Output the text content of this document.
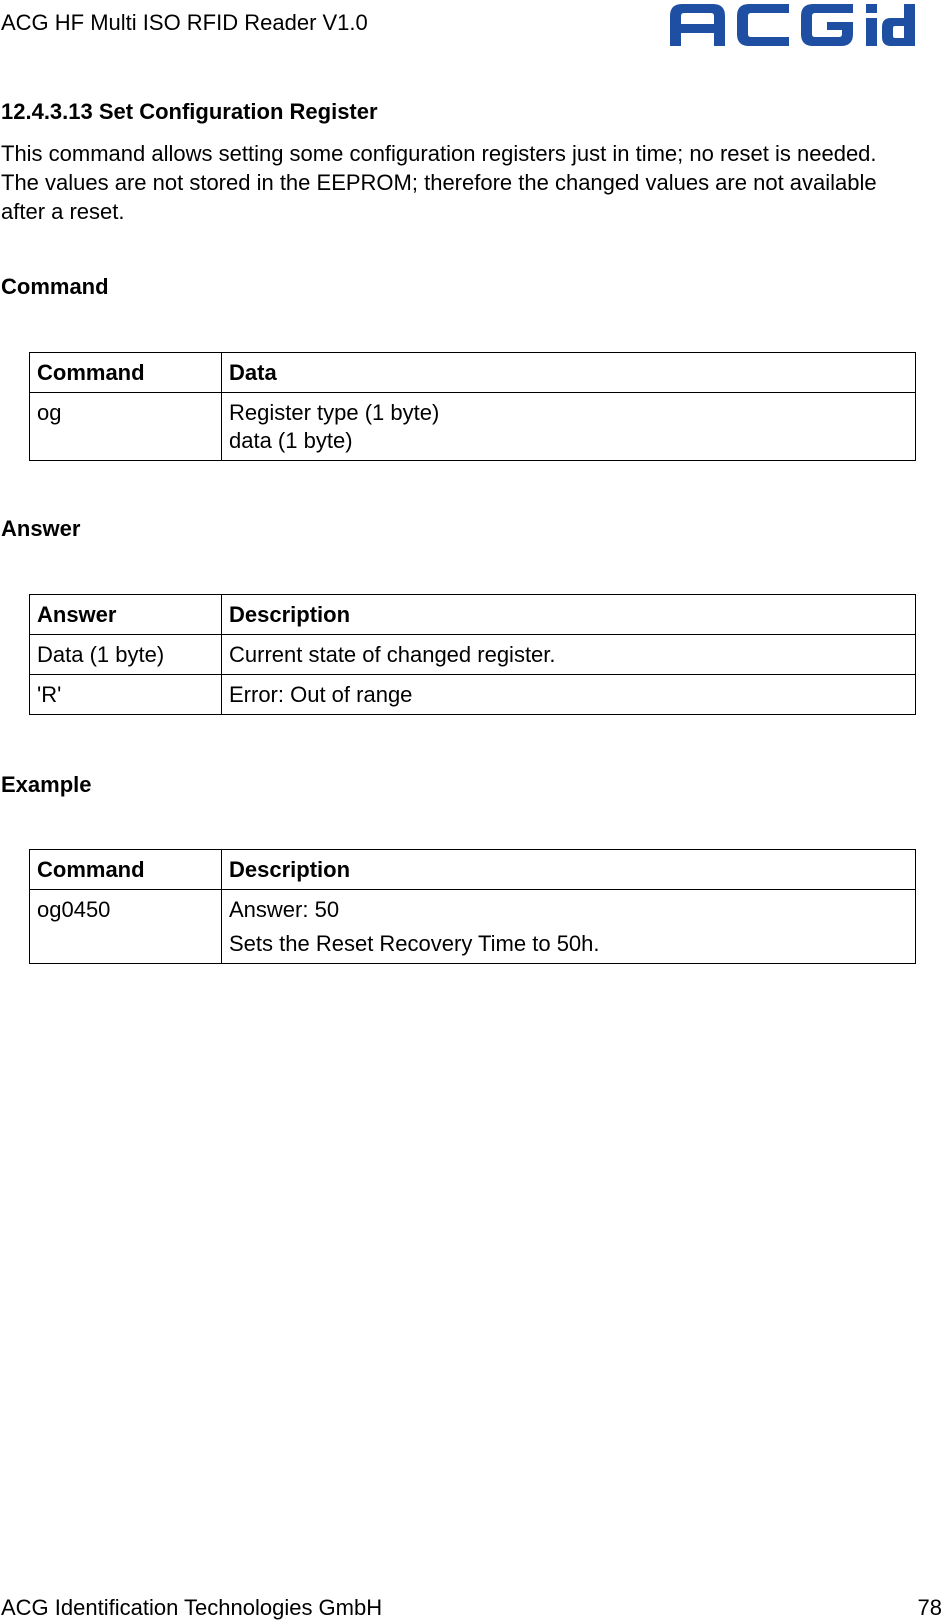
ACG HF Multi ISO RFID Reader V1.0
12.4.3.13 Set Configuration Register

This command allows setting some configuration registers just in time; no reset is needed. The values are not stored in the EEPROM; therefore the changed values are not available after a reset.

Command
Command	Data
og	Register type (1 byte)
data (1 byte)
Answer
Answer	Description
Data (1 byte)	Current state of changed register.
'R'	Error: Out of range
Example
Command	Description
og0450	Answer: 50
Sets the Reset Recovery Time to 50h.
ACG Identification Technologies GmbH	78
